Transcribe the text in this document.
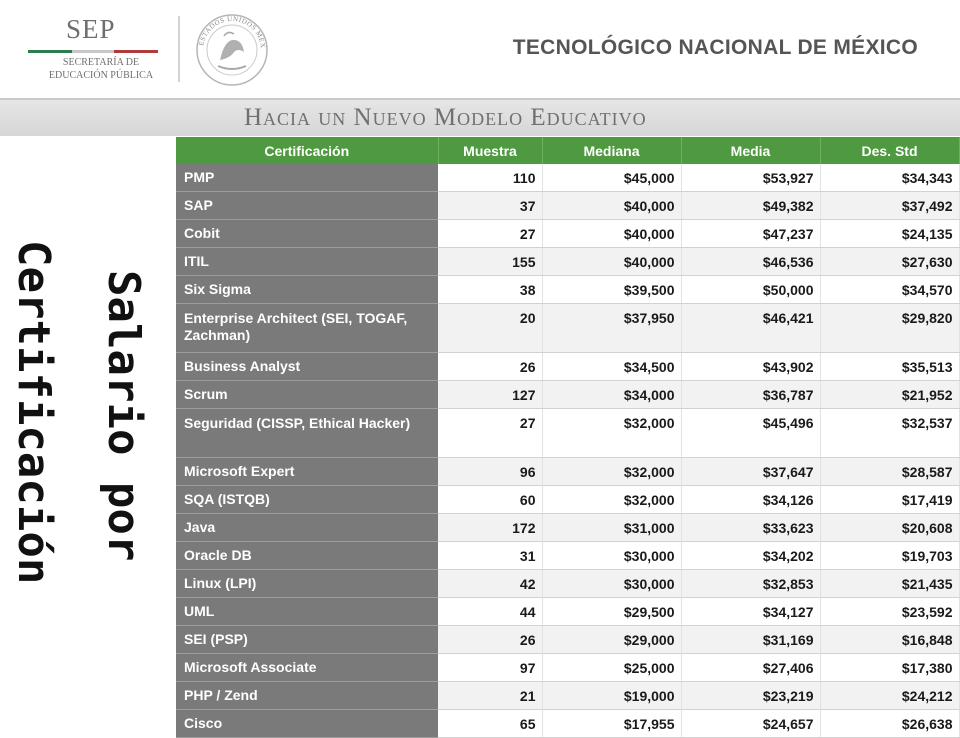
SEP
SECRETARÍA DE
EDUCACIÓN PÚBLICA
ESTADOS UNIDOS MEX	TECNOLÓGICO NACIONAL DE MÉXICO
Hacia un Nuevo Modelo Educativo
Salario por
Certificación
Certificación	Muestra	Mediana	Media	Des. Std
PMP	110	$45,000	$53,927	$34,343
SAP	37	$40,000	$49,382	$37,492
Cobit	27	$40,000	$47,237	$24,135
ITIL	155	$40,000	$46,536	$27,630
Six Sigma	38	$39,500	$50,000	$34,570
Enterprise Architect (SEI, TOGAF, Zachman)	20	$37,950	$46,421	$29,820
Business Analyst	26	$34,500	$43,902	$35,513
Scrum	127	$34,000	$36,787	$21,952
Seguridad (CISSP, Ethical Hacker)	27	$32,000	$45,496	$32,537
Microsoft Expert	96	$32,000	$37,647	$28,587
SQA (ISTQB)	60	$32,000	$34,126	$17,419
Java	172	$31,000	$33,623	$20,608
Oracle DB	31	$30,000	$34,202	$19,703
Linux (LPI)	42	$30,000	$32,853	$21,435
UML	44	$29,500	$34,127	$23,592
SEI (PSP)	26	$29,000	$31,169	$16,848
Microsoft Associate	97	$25,000	$27,406	$17,380
PHP / Zend	21	$19,000	$23,219	$24,212
Cisco	65	$17,955	$24,657	$26,638
